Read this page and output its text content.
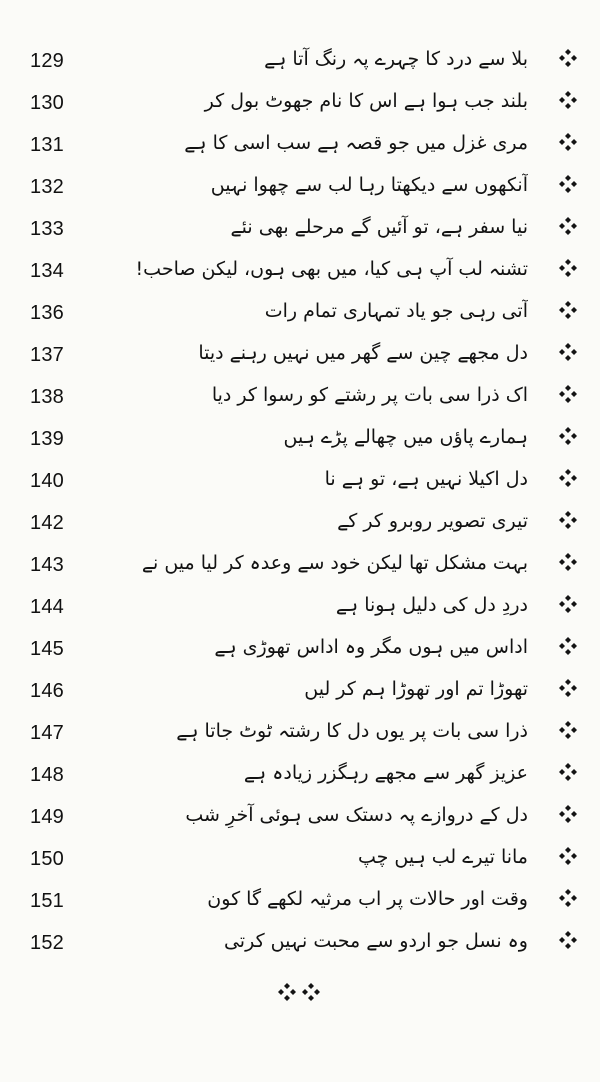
129	بلا سے درد کا چہرے پہ رنگ آتا ہے
130	بلند جب ہوا ہے اس کا نام جھوٹ بول کر
131	مری غزل میں جو قصہ ہے سب اسی کا ہے
132	آنکھوں سے دیکھتا رہا لب سے چھوا نہیں
133	نیا سفر ہے، تو آئیں گے مرحلے بھی نئے
134	تشنہ لب آپ ہی کیا، میں بھی ہوں، لیکن صاحب!
136	آتی رہی جو یاد تمہاری تمام رات
137	دل مجھے چین سے گھر میں نہیں رہنے دیتا
138	اک ذرا سی بات پر رشتے کو رسوا کر دیا
139	ہمارے پاؤں میں چھالے پڑے ہیں
140	دل اکیلا نہیں ہے، تو ہے نا
142	تیری تصویر روبرو کر کے
143	بہت مشکل تھا لیکن خود سے وعدہ کر لیا میں نے
144	دردِ دل کی دلیل ہونا ہے
145	اداس میں ہوں مگر وہ اداس تھوڑی ہے
146	تھوڑا تم اور تھوڑا ہم کر لیں
147	ذرا سی بات پر یوں دل کا رشتہ ٹوٹ جاتا ہے
148	عزیز گھر سے مجھے رہگزر زیادہ ہے
149	دل کے دروازے پہ دستک سی ہوئی آخرِ شب
150	مانا تیرے لب ہیں چپ
151	وقت اور حالات پر اب مرثیہ لکھے گا کون
152	وہ نسل جو اردو سے محبت نہیں کرتی
